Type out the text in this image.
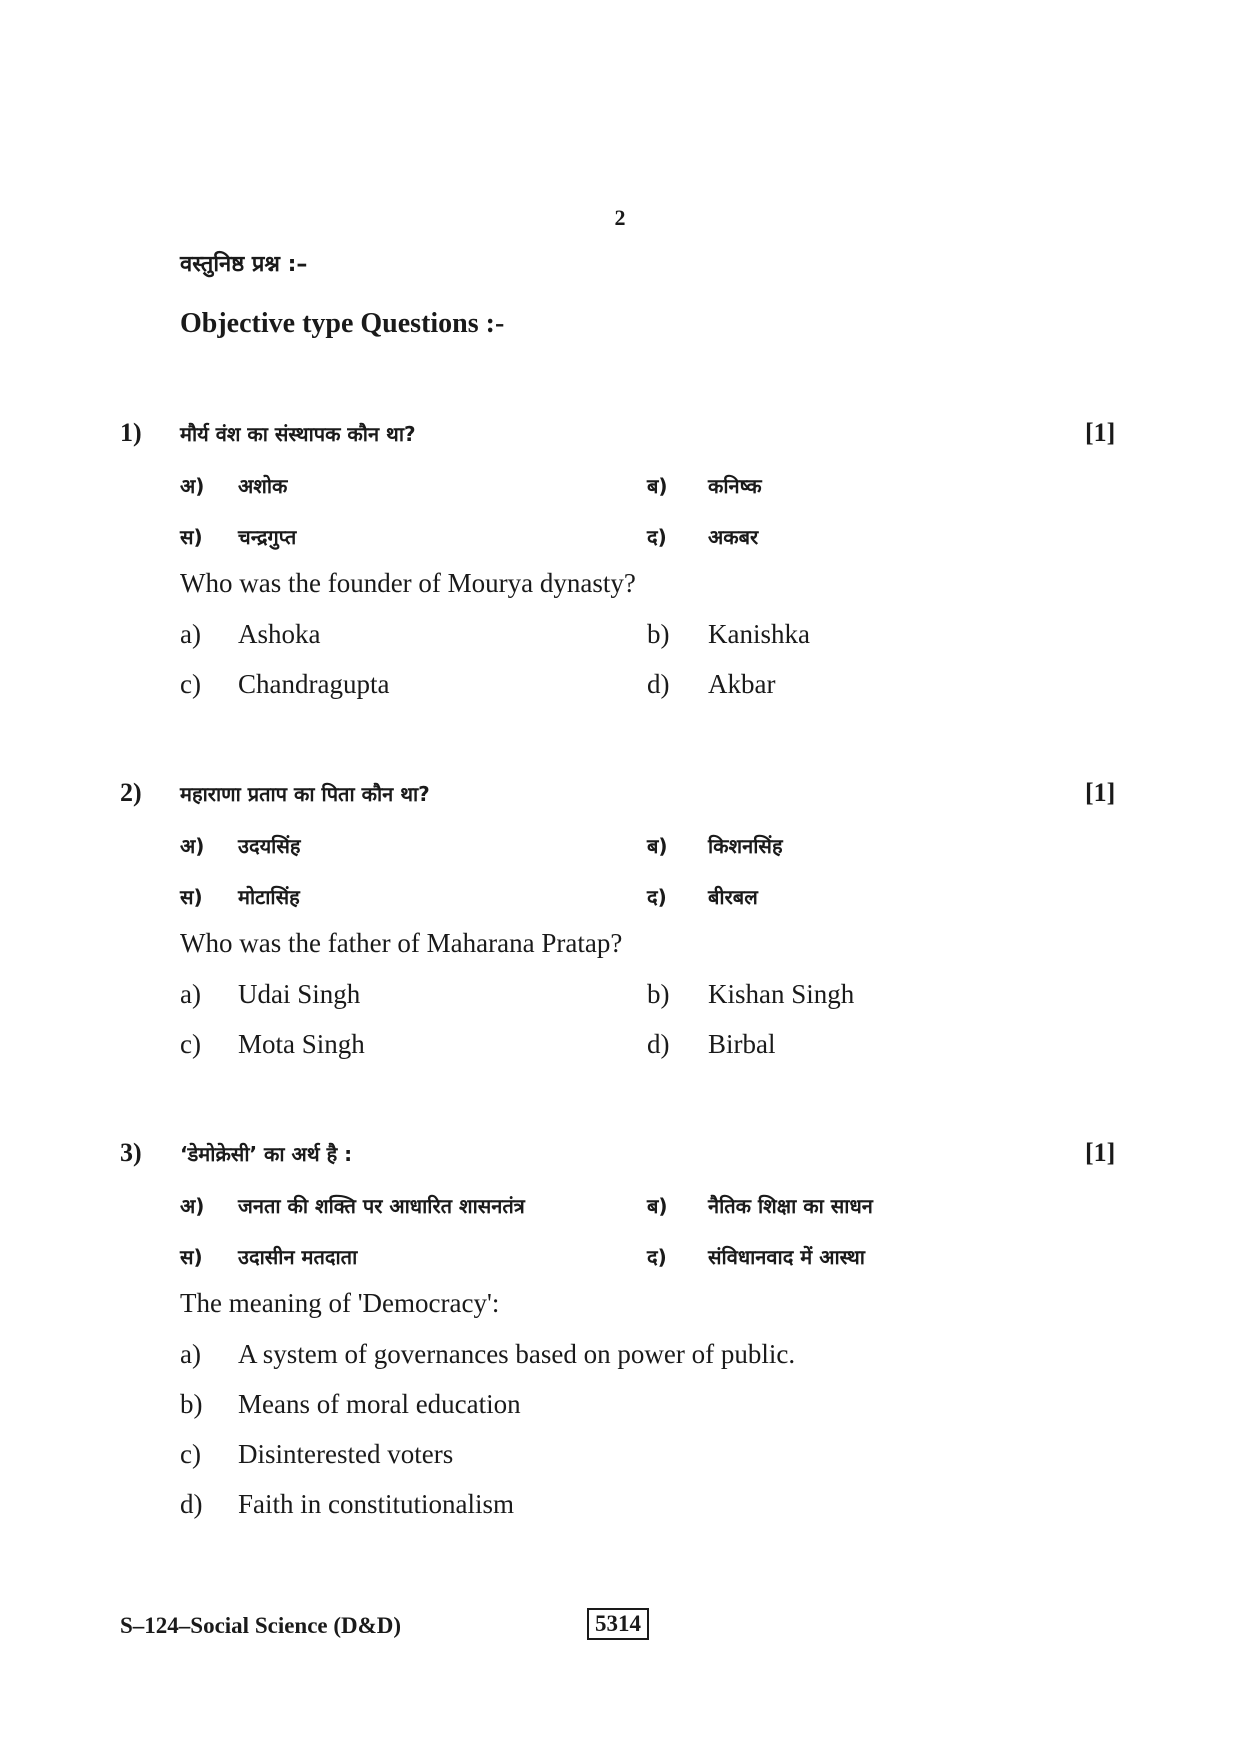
2
वस्तुनिष्ठ प्रश्न :–
Objective type Questions :-
1) मौर्य वंश का संस्थापक कौन था?	[1]
अ) अशोक	ब) कनिष्क
स) चन्द्रगुप्त	द) अकबर
Who was the founder of Mourya dynasty?
a) Ashoka	b) Kanishka
c) Chandragupta	d) Akbar
2) महाराणा प्रताप का पिता कौन था?	[1]
अ) उदयसिंह	ब) किशनसिंह
स) मोटासिंह	द) बीरबल
Who was the father of Maharana Pratap?
a) Udai Singh	b) Kishan Singh
c) Mota Singh	d) Birbal
3) ‘डेमोक्रेसी’ का अर्थ है :	[1]
अ) जनता की शक्ति पर आधारित शासनतंत्र	ब) नैतिक शिक्षा का साधन
स) उदासीन मतदाता	द) संविधानवाद में आस्था
The meaning of 'Democracy':
a) A system of governances based on power of public.
b) Means of moral education
c) Disinterested voters
d) Faith in constitutionalism
S–124–Social Science (D&D)	5314
